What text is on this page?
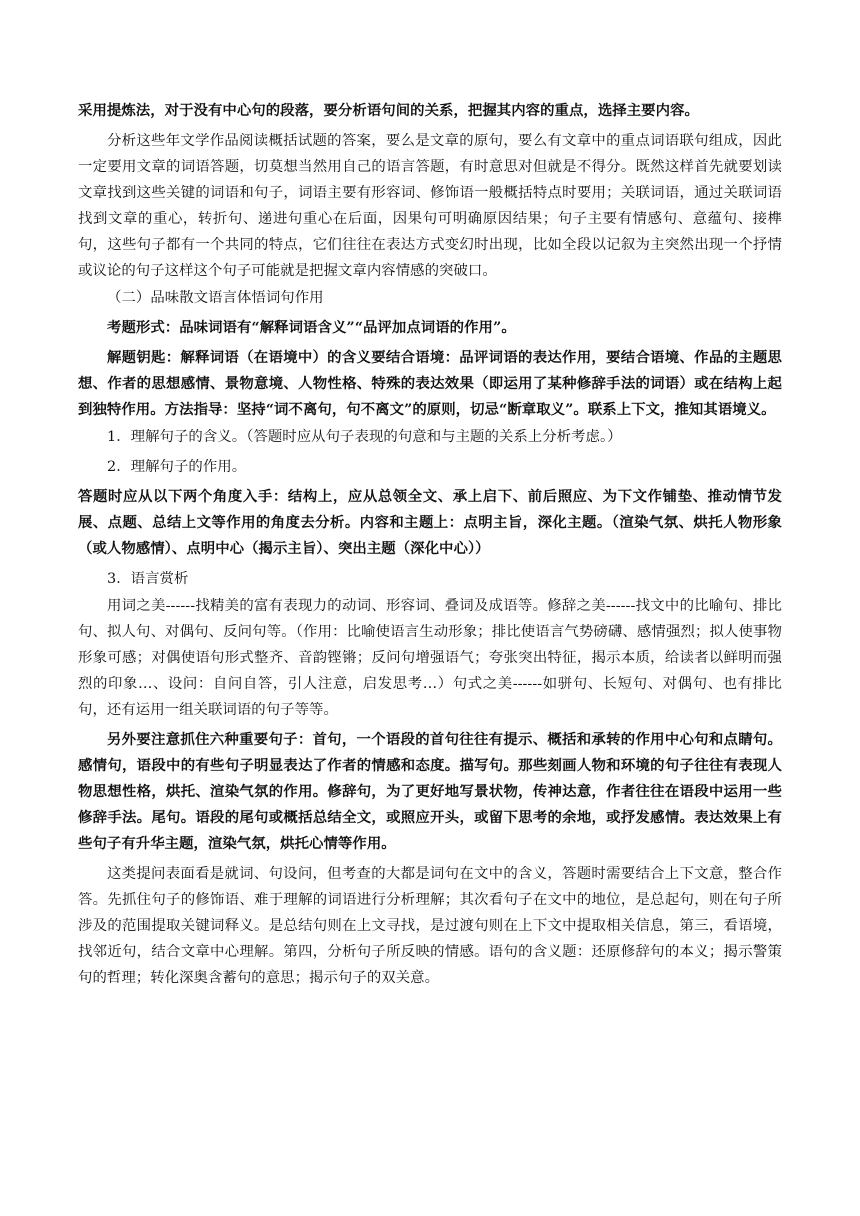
采用提炼法，对于没有中心句的段落，要分析语句间的关系，把握其内容的重点，选择主要内容。

分析这些年文学作品阅读概括试题的答案，要么是文章的原句，要么有文章中的重点词语联句组成，因此一定要用文章的词语答题，切莫想当然用自己的语言答题，有时意思对但就是不得分。既然这样首先就要划读文章找到这些关键的词语和句子，词语主要有形容词、修饰语一般概括特点时要用；关联词语，通过关联词语找到文章的重心，转折句、递进句重心在后面，因果句可明确原因结果；句子主要有情感句、意蕴句、接榫句，这些句子都有一个共同的特点，它们往往在表达方式变幻时出现，比如全段以记叙为主突然出现一个抒情或议论的句子这样这个句子可能就是把握文章内容情感的突破口。

（二）品味散文语言体悟词句作用

考题形式：品味词语有“解释词语含义”“品评加点词语的作用”。

解题钥匙：解释词语（在语境中）的含义要结合语境：品评词语的表达作用，要结合语境、作品的主题思想、作者的思想感情、景物意境、人物性格、特殊的表达效果（即运用了某种修辞手法的词语）或在结构上起到独特作用。方法指导：坚持“词不离句，句不离文”的原则，切忌“断章取义”。联系上下文，推知其语境义。

1．理解句子的含义。（答题时应从句子表现的句意和与主题的关系上分析考虑。）

2．理解句子的作用。

答题时应从以下两个角度入手：结构上，应从总领全文、承上启下、前后照应、为下文作铺垫、推动情节发展、点题、总结上文等作用的角度去分析。内容和主题上：点明主旨，深化主题。（渲染气氛、烘托人物形象（或人物感情）、点明中心（揭示主旨）、突出主题（深化中心））

3．语言赏析

用词之美------找精美的富有表现力的动词、形容词、叠词及成语等。修辞之美------找文中的比喻句、排比句、拟人句、对偶句、反问句等。（作用：比喻使语言生动形象；排比使语言气势磅礴、感情强烈；拟人使事物形象可感；对偶使语句形式整齐、音韵铿锵；反问句增强语气；夸张突出特征，揭示本质，给读者以鲜明而强烈的印象…、设问：自问自答，引人注意，启发思考…）句式之美------如骈句、长短句、对偶句、也有排比句，还有运用一组关联词语的句子等等。

另外要注意抓住六种重要句子：首句，一个语段的首句往往有提示、概括和承转的作用中心句和点睛句。感情句，语段中的有些句子明显表达了作者的情感和态度。描写句。那些刻画人物和环境的句子往往有表现人物思想性格，烘托、渲染气氛的作用。修辞句，为了更好地写景状物，传神达意，作者往往在语段中运用一些修辞手法。尾句。语段的尾句或概括总结全文，或照应开头，或留下思考的余地，或抒发感情。表达效果上有些句子有升华主题，渲染气氛，烘托心情等作用。

这类提问表面看是就词、句设问，但考查的大都是词句在文中的含义，答题时需要结合上下文意，整合作答。先抓住句子的修饰语、难于理解的词语进行分析理解；其次看句子在文中的地位，是总起句，则在句子所涉及的范围提取关键词释义。是总结句则在上文寻找，是过渡句则在上下文中提取相关信息，第三，看语境，找邻近句，结合文章中心理解。第四，分析句子所反映的情感。语句的含义题：还原修辞句的本义；揭示警策句的哲理；转化深奥含蓄句的意思；揭示句子的双关意。
